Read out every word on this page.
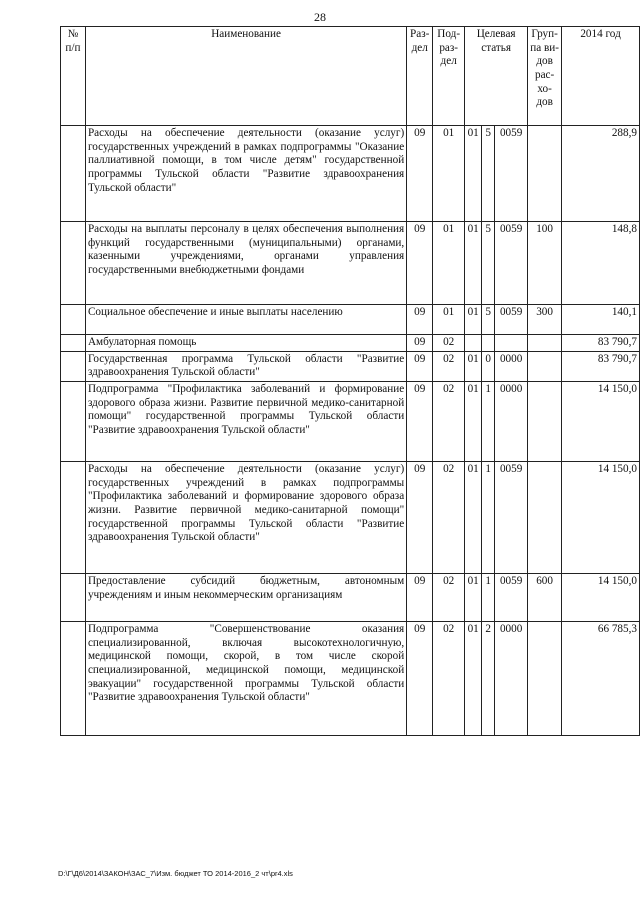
28
№ п/п	Наименование	Раз-дел	Под-раз-дел	Целевая статья			Груп-па ви-дов рас-хо-дов	2014 год
	Расходы на обеспечение деятельности (оказание услуг) государственных учреждений в рамках подпрограммы "Оказание паллиативной помощи, в том числе детям" государственной программы Тульской области "Развитие здравоохранения Тульской области"	09	01	01	5	0059		288,9
	Расходы на выплаты персоналу в целях обеспечения выполнения функций государственными (муниципальными) органами, казенными учреждениями, органами управления государственными внебюджетными фондами	09	01	01	5	0059	100	148,8
	Социальное обеспечение и иные выплаты населению	09	01	01	5	0059	300	140,1
	Амбулаторная помощь	09	02					83 790,7
	Государственная программа Тульской области "Развитие здравоохранения Тульской области"	09	02	01	0	0000		83 790,7
	Подпрограмма "Профилактика заболеваний и формирование здорового образа жизни. Развитие первичной медико-санитарной помощи" государственной программы Тульской области "Развитие здравоохранения Тульской области"	09	02	01	1	0000		14 150,0
	Расходы на обеспечение деятельности (оказание услуг) государственных учреждений в рамках подпрограммы "Профилактика заболеваний и формирование здорового образа жизни. Развитие первичной медико-санитарной помощи" государственной программы Тульской области "Развитие здравоохранения Тульской области"	09	02	01	1	0059		14 150,0
	Предоставление субсидий бюджетным, автономным учреждениям и иным некоммерческим организациям	09	02	01	1	0059	600	14 150,0
	Подпрограмма "Совершенствование оказания специализированной, включая высокотехнологичную, медицинской помощи, скорой, в том числе скорой специализированной, медицинской помощи, медицинской эвакуации" государственной программы Тульской области "Развитие здравоохранения Тульской области"	09	02	01	2	0000		66 785,3
D:\Г\Д6\2014\ЗАКОН\ЗАС_7\Изм. бюджет ТО 2014-2016_2 чт\pr4.xls
